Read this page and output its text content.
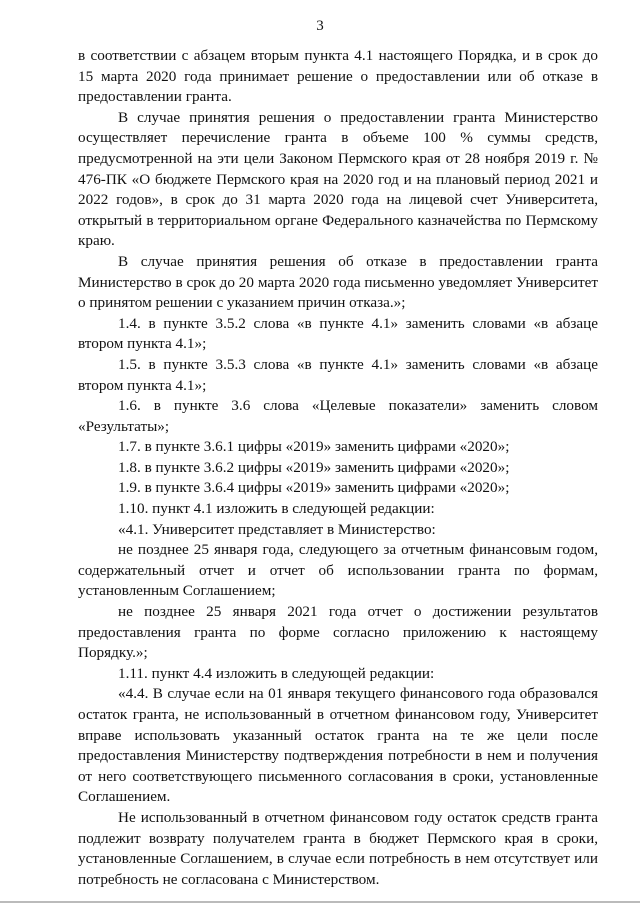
3

в соответствии с абзацем вторым пункта 4.1 настоящего Порядка, и в срок до 15 марта 2020 года принимает решение о предоставлении или об отказе в предоставлении гранта.

В случае принятия решения о предоставлении гранта Министерство осуществляет перечисление гранта в объеме 100 % суммы средств, предусмотренной на эти цели Законом Пермского края от 28 ноября 2019 г. № 476-ПК «О бюджете Пермского края на 2020 год и на плановый период 2021 и 2022 годов», в срок до 31 марта 2020 года на лицевой счет Университета, открытый в территориальном органе Федерального казначейства по Пермскому краю.

В случае принятия решения об отказе в предоставлении гранта Министерство в срок до 20 марта 2020 года письменно уведомляет Университет о принятом решении с указанием причин отказа.»;

1.4. в пункте 3.5.2 слова «в пункте 4.1» заменить словами «в абзаце втором пункта 4.1»;

1.5. в пункте 3.5.3 слова «в пункте 4.1» заменить словами «в абзаце втором пункта 4.1»;

1.6. в пункте 3.6 слова «Целевые показатели» заменить словом «Результаты»;

1.7. в пункте 3.6.1 цифры «2019» заменить цифрами «2020»;

1.8. в пункте 3.6.2 цифры «2019» заменить цифрами «2020»;

1.9. в пункте 3.6.4 цифры «2019» заменить цифрами «2020»;

1.10. пункт 4.1 изложить в следующей редакции:

«4.1. Университет представляет в Министерство:

не позднее 25 января года, следующего за отчетным финансовым годом, содержательный отчет и отчет об использовании гранта по формам, установленным Соглашением;

не позднее 25 января 2021 года отчет о достижении результатов предоставления гранта по форме согласно приложению к настоящему Порядку.»;

1.11. пункт 4.4 изложить в следующей редакции:

«4.4. В случае если на 01 января текущего финансового года образовался остаток гранта, не использованный в отчетном финансовом году, Университет вправе использовать указанный остаток гранта на те же цели после предоставления Министерству подтверждения потребности в нем и получения от него соответствующего письменного согласования в сроки, установленные Соглашением.

Не использованный в отчетном финансовом году остаток средств гранта подлежит возврату получателем гранта в бюджет Пермского края в сроки, установленные Соглашением, в случае если потребность в нем отсутствует или потребность не согласована с Министерством.
